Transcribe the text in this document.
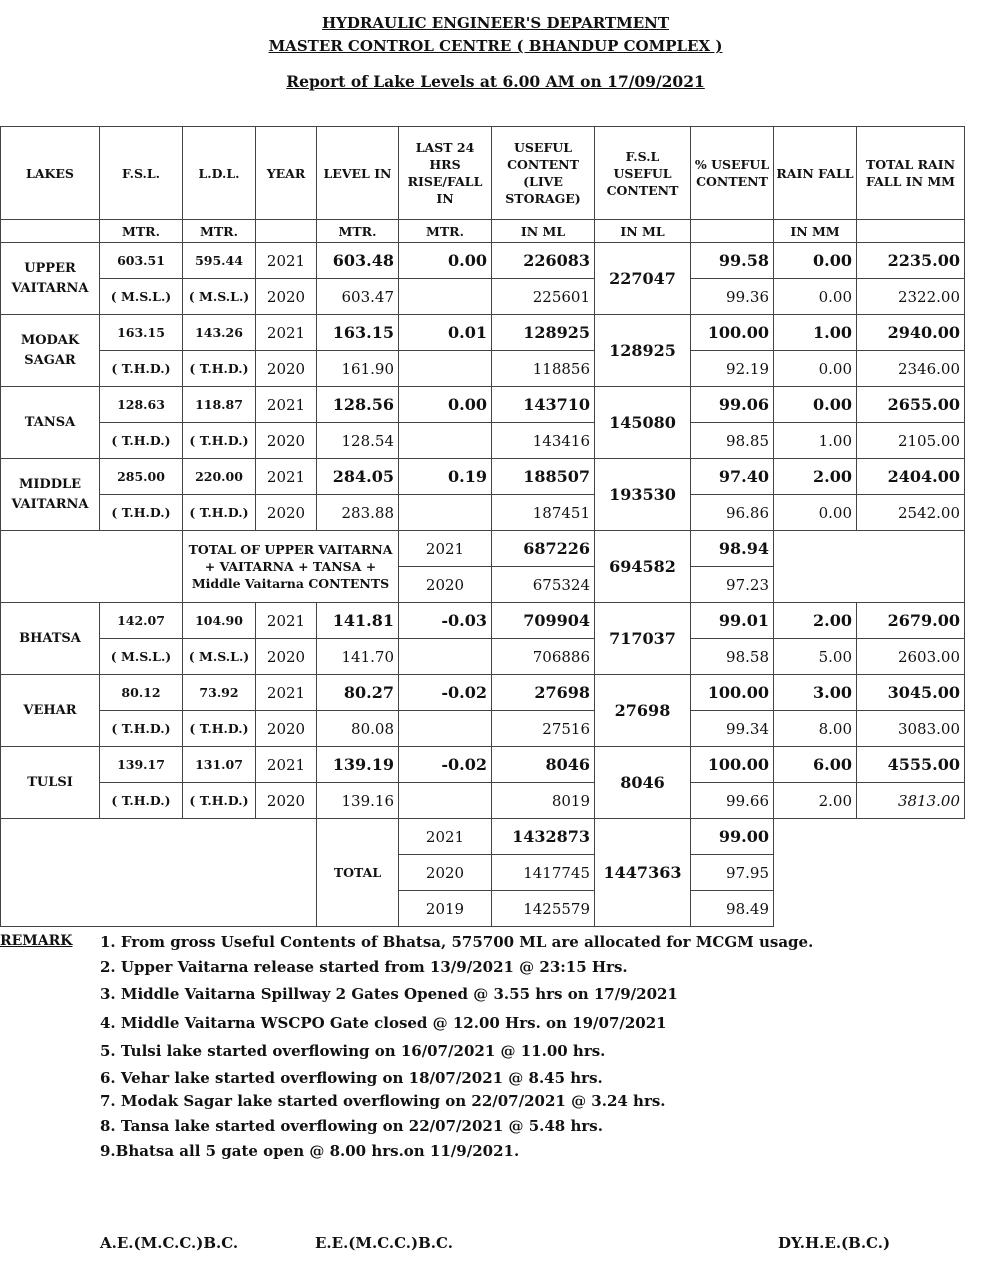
HYDRAULIC ENGINEER'S DEPARTMENT
MASTER CONTROL CENTRE ( BHANDUP COMPLEX )
Report of Lake Levels at 6.00 AM on 17/09/2021
LAKES	F.S.L.	L.D.L.	YEAR	LEVEL IN	LAST 24 HRS RISE/FALL IN	USEFUL CONTENT (LIVE STORAGE)	F.S.L USEFUL CONTENT	% USEFUL CONTENT	RAIN FALL	TOTAL RAIN FALL IN MM
	MTR.	MTR.		MTR.	MTR.	IN ML	IN ML		IN MM	
UPPER VAITARNA	603.51	595.44	2021	603.48	0.00	226083	227047	99.58	0.00	2235.00
	( M.S.L.)	( M.S.L.)	2020	603.47		225601		99.36	0.00	2322.00
MODAK SAGAR	163.15	143.26	2021	163.15	0.01	128925	128925	100.00	1.00	2940.00
	( T.H.D.)	( T.H.D.)	2020	161.90		118856		92.19	0.00	2346.00
TANSA	128.63	118.87	2021	128.56	0.00	143710	145080	99.06	0.00	2655.00
	( T.H.D.)	( T.H.D.)	2020	128.54		143416		98.85	1.00	2105.00
MIDDLE VAITARNA	285.00	220.00	2021	284.05	0.19	188507	193530	97.40	2.00	2404.00
	( T.H.D.)	( T.H.D.)	2020	283.88		187451		96.86	0.00	2542.00
		TOTAL OF UPPER VAITARNA + VAITARNA + TANSA + Middle Vaitarna CONTENTS			2021	687226	694582	98.94		
					2020	675324		97.23		
BHATSA	142.07	104.90	2021	141.81	-0.03	709904	717037	99.01	2.00	2679.00
	( M.S.L.)	( M.S.L.)	2020	141.70		706886		98.58	5.00	2603.00
VEHAR	80.12	73.92	2021	80.27	-0.02	27698	27698	100.00	3.00	3045.00
	( T.H.D.)	( T.H.D.)	2020	80.08		27516		99.34	8.00	3083.00
TULSI	139.17	131.07	2021	139.19	-0.02	8046	8046	100.00	6.00	4555.00
	( T.H.D.)	( T.H.D.)	2020	139.16		8019		99.66	2.00	3813.00
				TOTAL	2021	1432873	1447363	99.00		
					2020	1417745		97.95		
					2019	1425579		98.49		
REMARK 1. From gross Useful Contents of Bhatsa, 575700 ML are allocated for MCGM usage.
2. Upper Vaitarna release started from 13/9/2021 @ 23:15 Hrs.
3. Middle Vaitarna Spillway 2 Gates Opened @ 3.55 hrs on 17/9/2021
4. Middle Vaitarna WSCPO Gate closed @ 12.00 Hrs. on 19/07/2021
5. Tulsi lake started overflowing on 16/07/2021 @ 11.00 hrs.
6. Vehar lake started overflowing on 18/07/2021 @ 8.45 hrs.
7. Modak Sagar lake started overflowing on 22/07/2021 @ 3.24 hrs.
8. Tansa lake started overflowing on 22/07/2021 @ 5.48 hrs.
9.Bhatsa all 5 gate open @ 8.00 hrs.on 11/9/2021.
A.E.(M.C.C.)B.C.	E.E.(M.C.C.)B.C.	DY.H.E.(B.C.)
